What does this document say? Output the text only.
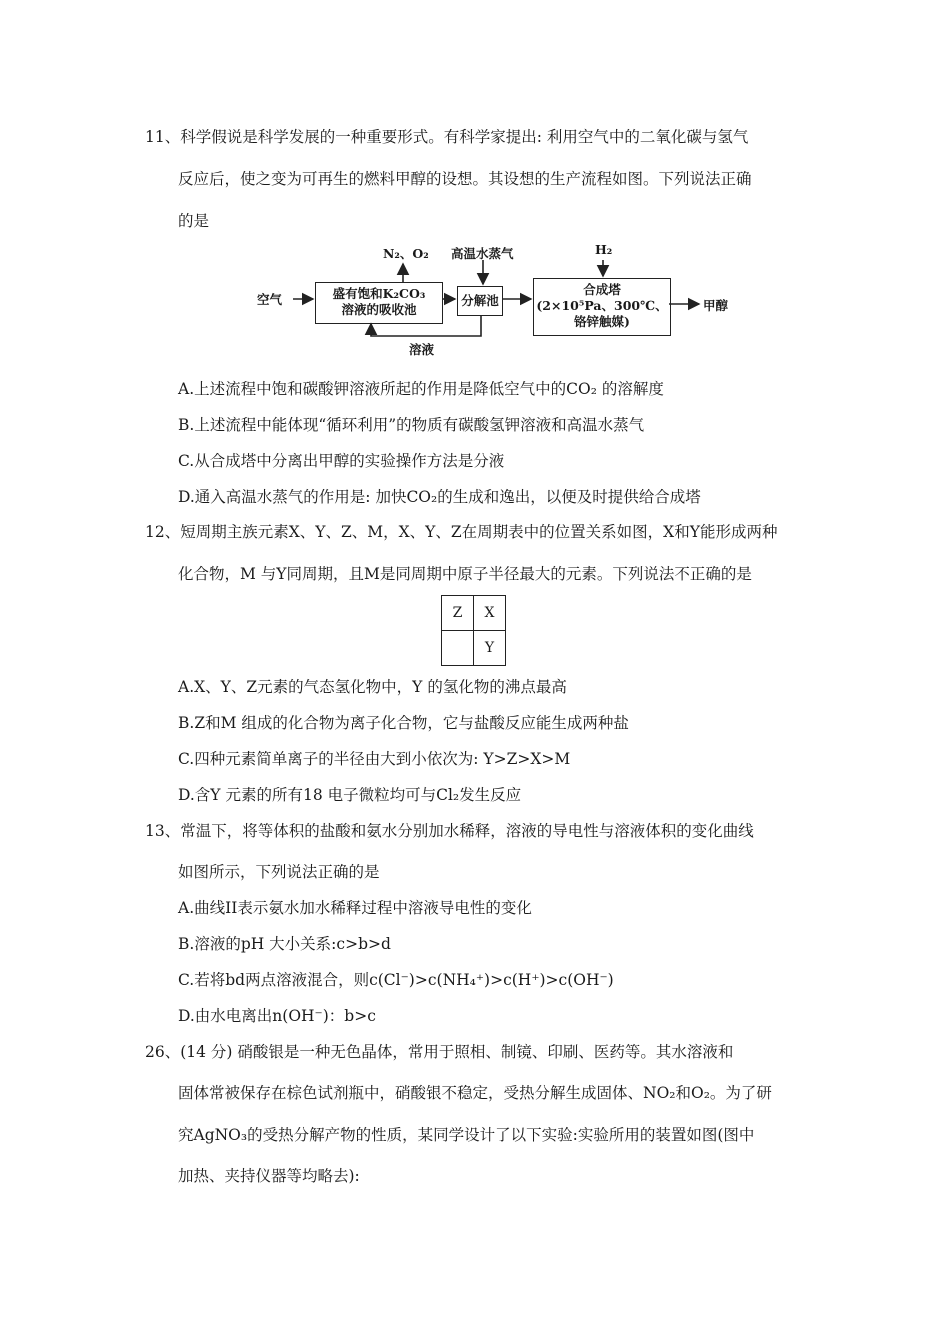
11、科学假说是科学发展的一种重要形式。有科学家提出: 利用空气中的二氧化碳与氢气
反应后，使之变为可再生的燃料甲醇的设想。其设想的生产流程如图。下列说法正确
的是
空气
N₂、O₂ 高温水蒸气	H₂
盛有饱和K₂CO₃
溶液的吸收池
分解池
合成塔
(2×10⁵Pa、300℃、
铬锌触媒)
甲醇
溶液
A.上述流程中饱和碳酸钾溶液所起的作用是降低空气中的CO₂ 的溶解度
B.上述流程中能体现“循环利用”的物质有碳酸氢钾溶液和高温水蒸气
C.从合成塔中分离出甲醇的实验操作方法是分液
D.通入高温水蒸气的作用是: 加快CO₂的生成和逸出，以便及时提供给合成塔
12、短周期主族元素X、Y、Z、M，X、Y、Z在周期表中的位置关系如图，X和Y能形成两种
化合物，M 与Y同周期，且M是同周期中原子半径最大的元素。下列说法不正确的是
Z	X
	Y
A.X、Y、Z元素的气态氢化物中，Y 的氢化物的沸点最高
B.Z和M 组成的化合物为离子化合物，它与盐酸反应能生成两种盐
C.四种元素简单离子的半径由大到小依次为: Y>Z>X>M
D.含Y 元素的所有18 电子微粒均可与Cl₂发生反应
13、常温下，将等体积的盐酸和氨水分别加水稀释，溶液的导电性与溶液体积的变化曲线
如图所示，下列说法正确的是
A.曲线II表示氨水加水稀释过程中溶液导电性的变化
B.溶液的pH 大小关系:c>b>d
C.若将bd两点溶液混合，则c(Cl⁻)>c(NH₄⁺)>c(H⁺)>c(OH⁻)
D.由水电离出n(OH⁻)：b>c
26、(14 分) 硝酸银是一种无色晶体，常用于照相、制镜、印刷、医药等。其水溶液和
固体常被保存在棕色试剂瓶中，硝酸银不稳定，受热分解生成固体、NO₂和O₂。为了研
究AgNO₃的受热分解产物的性质，某同学设计了以下实验:实验所用的装置如图(图中
加热、夹持仪器等均略去):
